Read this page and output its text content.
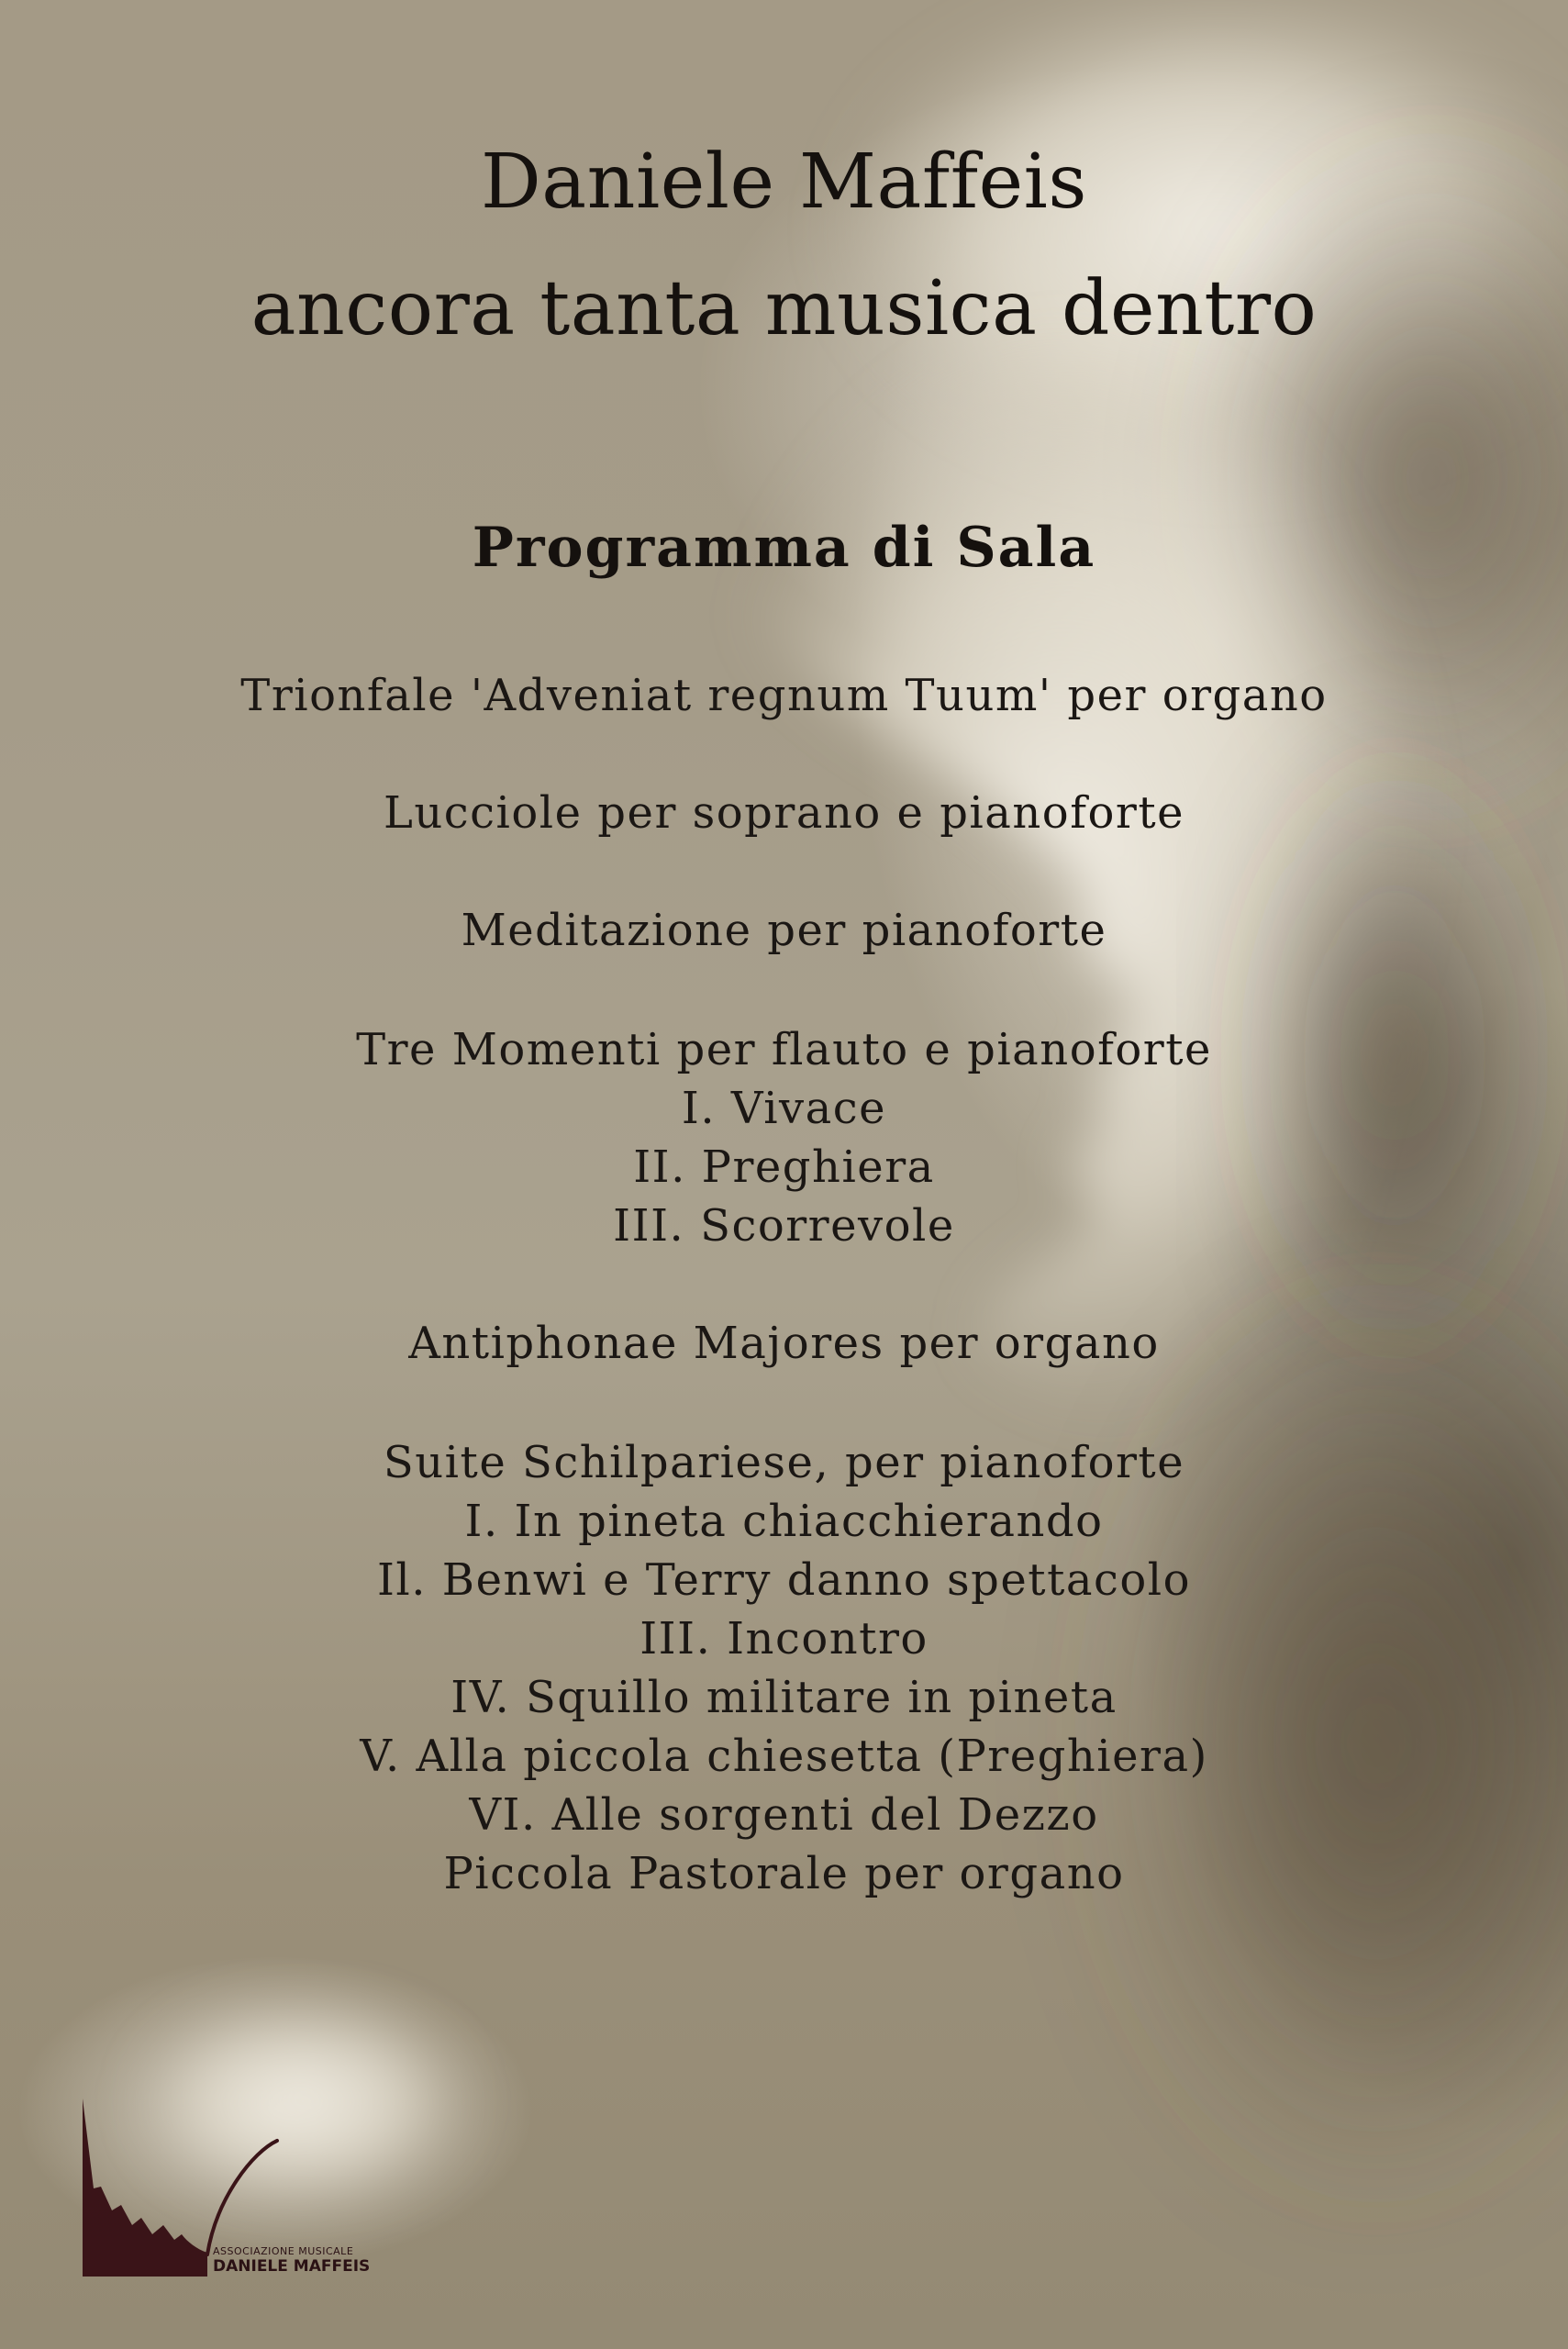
Daniele Maffeis
ancora tanta musica dentro
Programma di Sala
Trionfale 'Adveniat regnum Tuum' per organo
Lucciole per soprano e pianoforte
Meditazione per pianoforte
Tre Momenti per flauto e pianoforte
I. Vivace
II. Preghiera
III. Scorrevole
Antiphonae Majores per organo
Suite Schilpariese, per pianoforte
I. In pineta chiacchierando
Il. Benwi e Terry danno spettacolo
III. Incontro
IV. Squillo militare in pineta
V. Alla piccola chiesetta (Preghiera)
VI. Alle sorgenti del Dezzo
Piccola Pastorale per organo
ASSOCIAZIONE MUSICALE
DANIELE MAFFEIS
